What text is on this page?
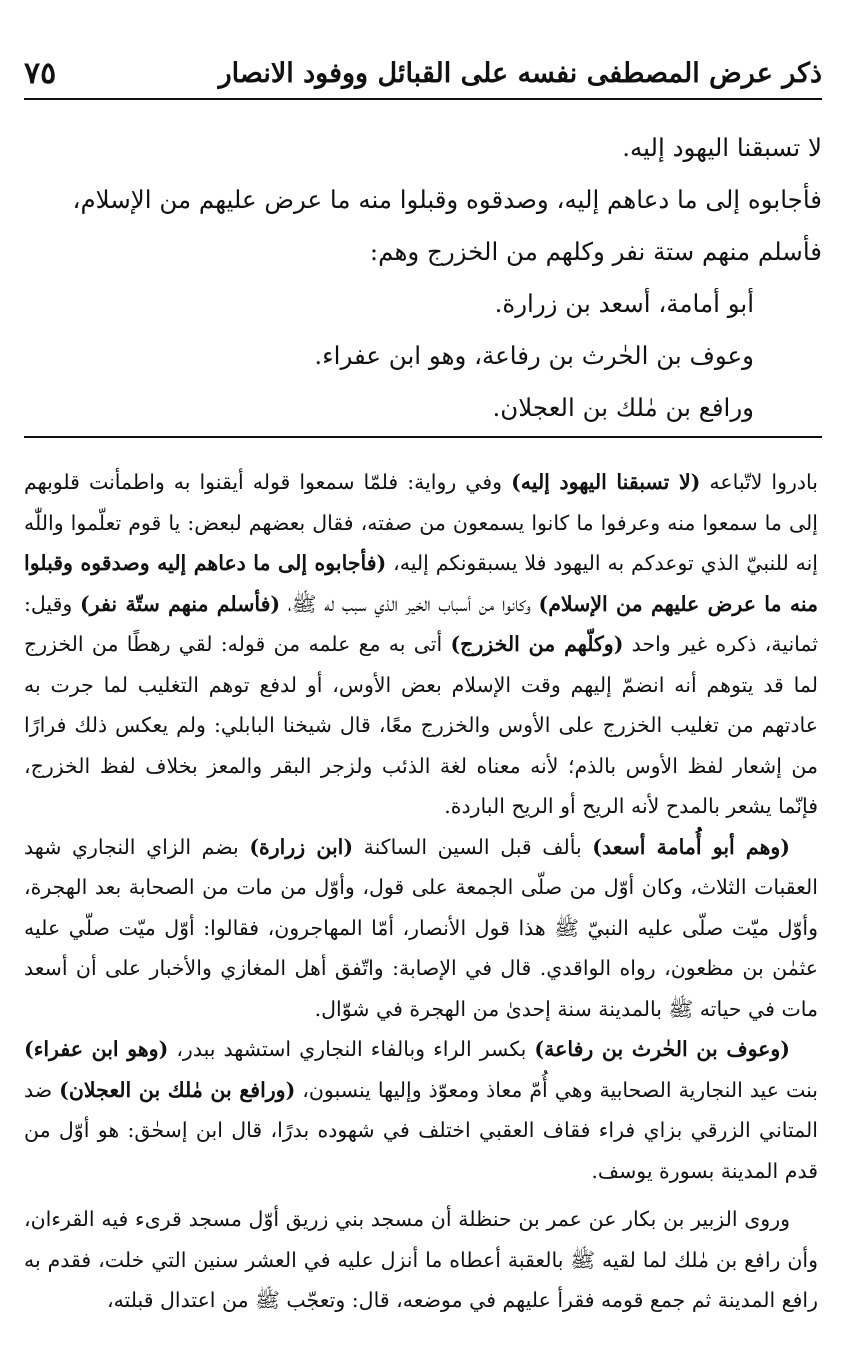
ذكر عرض المصطفى نفسه على القبائل ووفود الانصار
٧٥

لا تسبقنا اليهود إليه.

فأجابوه إلى ما دعاهم إليه، وصدقوه وقبلوا منه ما عرض عليهم من الإسلام،

فأسلم منهم ستة نفر وكلهم من الخزرج وهم:

أبو أمامة، أسعد بن زرارة.

وعوف بن الحٰرث بن رفاعة، وهو ابن عفراء.

ورافع بن مٰلك بن العجلان.

بادروا لاتّباعه (لا تسبقنا اليهود إليه) وفي رواية: فلمّا سمعوا قوله أيقنوا به واطمأنت قلوبهم إلى ما سمعوا منه وعرفوا ما كانوا يسمعون من صفته، فقال بعضهم لبعض: يا قوم تعلّموا واللّٰه إنه للنبيّ الذي توعدكم به اليهود فلا يسبقونكم إليه، (فأجابوه إلى ما دعاهم إليه وصدقوه وقبلوا منه ما عرض عليهم من الإسلام) وكانوا من أسباب الخير الذي سبب له ﷺ، (فأسلم منهم ستّة نفر) وقيل: ثمانية، ذكره غير واحد (وكلّهم من الخزرج) أتى به مع علمه من قوله: لقي رهطًا من الخزرج لما قد يتوهم أنه انضمّ إليهم وقت الإسلام بعض الأوس، أو لدفع توهم التغليب لما جرت به عادتهم من تغليب الخزرج على الأوس والخزرج معًا، قال شيخنا البابلي: ولم يعكس ذلك فرارًا من إشعار لفظ الأوس بالذم؛ لأنه معناه لغة الذئب ولزجر البقر والمعز بخلاف لفظ الخزرج، فإنّما يشعر بالمدح لأنه الريح أو الريح الباردة.

(وهم أبو أُمامة أسعد) بألف قبل السين الساكنة (ابن زرارة) بضم الزاي النجاري شهد العقبات الثلاث، وكان أوّل من صلّى الجمعة على قول، وأوّل من مات من الصحابة بعد الهجرة، وأوّل ميّت صلّى عليه النبيّ ﷺ هذا قول الأنصار، أمّا المهاجرون، فقالوا: أوّل ميّت صلّي عليه عثمٰن بن مظعون، رواه الواقدي. قال في الإصابة: واتّفق أهل المغازي والأخبار على أن أسعد مات في حياته ﷺ بالمدينة سنة إحدىٰ من الهجرة في شوّال.

(وعوف بن الحٰرث بن رفاعة) بكسر الراء وبالفاء النجاري استشهد ببدر، (وهو ابن عفراء) بنت عيد النجارية الصحابية وهي أُمّ معاذ ومعوّذ وإليها ينسبون، (ورافع بن مٰلك بن العجلان) ضد المتاني الزرقي بزاي فراء فقاف العقبي اختلف في شهوده بدرًا، قال ابن إسحٰق: هو أوّل من قدم المدينة بسورة يوسف.

وروى الزبير بن بكار عن عمر بن حنظلة أن مسجد بني زريق أوّل مسجد قرىء فيه القرءان، وأن رافع بن مٰلك لما لقيه ﷺ بالعقبة أعطاه ما أنزل عليه في العشر سنين التي خلت، فقدم به رافع المدينة ثم جمع قومه فقرأ عليهم في موضعه، قال: وتعجّب ﷺ من اعتدال قبلته،
